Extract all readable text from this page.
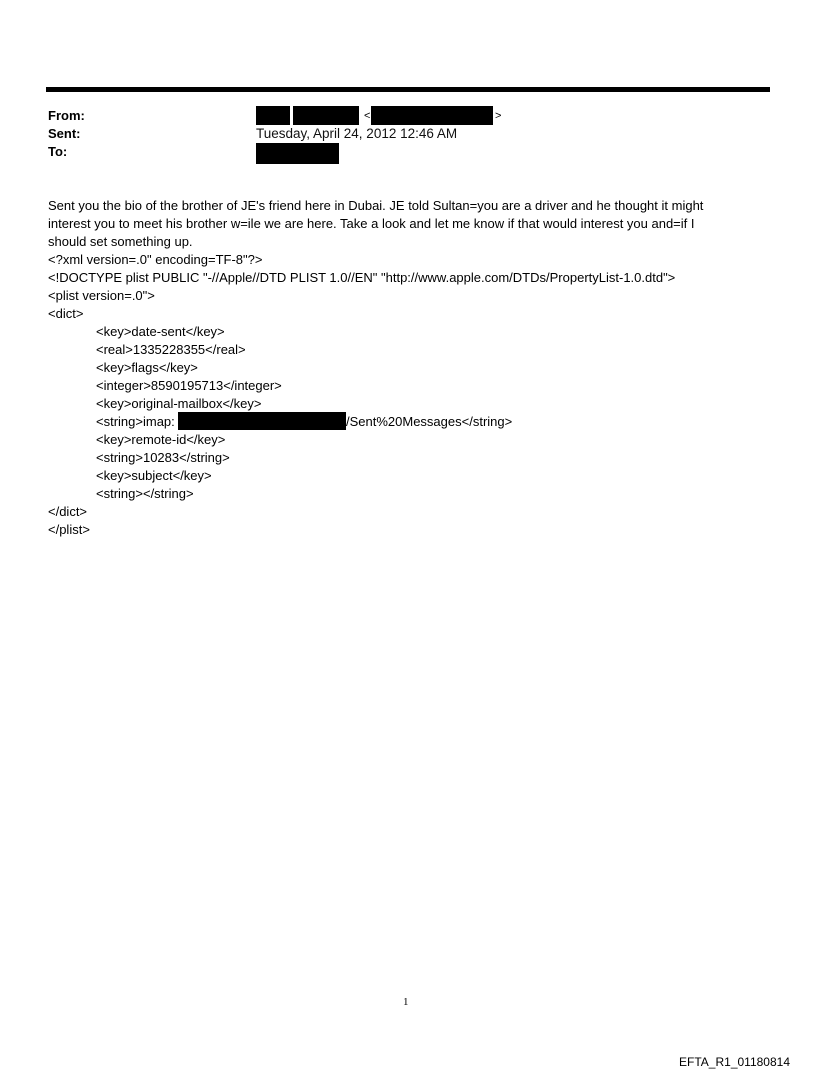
From:
Sent:
To:
<	>
Tuesday, April 24, 2012 12:46 AM
Sent you the bio of the brother of JE's friend here in Dubai. JE told Sultan=you are a driver and he thought it might
interest you to meet his brother w=ile we are here. Take a look and let me know if that would interest you and=if I
should set something up.
<?xml version=.0" encoding=TF-8"?>
<!DOCTYPE plist PUBLIC "-//Apple//DTD PLIST 1.0//EN" "http://www.apple.com/DTDs/PropertyList-1.0.dtd">
<plist version=.0">
<dict>
<key>date-sent</key>
<real>1335228355</real>
<key>flags</key>
<integer>8590195713</integer>
<key>original-mailbox</key>
<string>imap:	/Sent%20Messages</string>
<key>remote-id</key>
<string>10283</string>
<key>subject</key>
<string></string>
</dict>
</plist>
1
EFTA_R1_01180814
